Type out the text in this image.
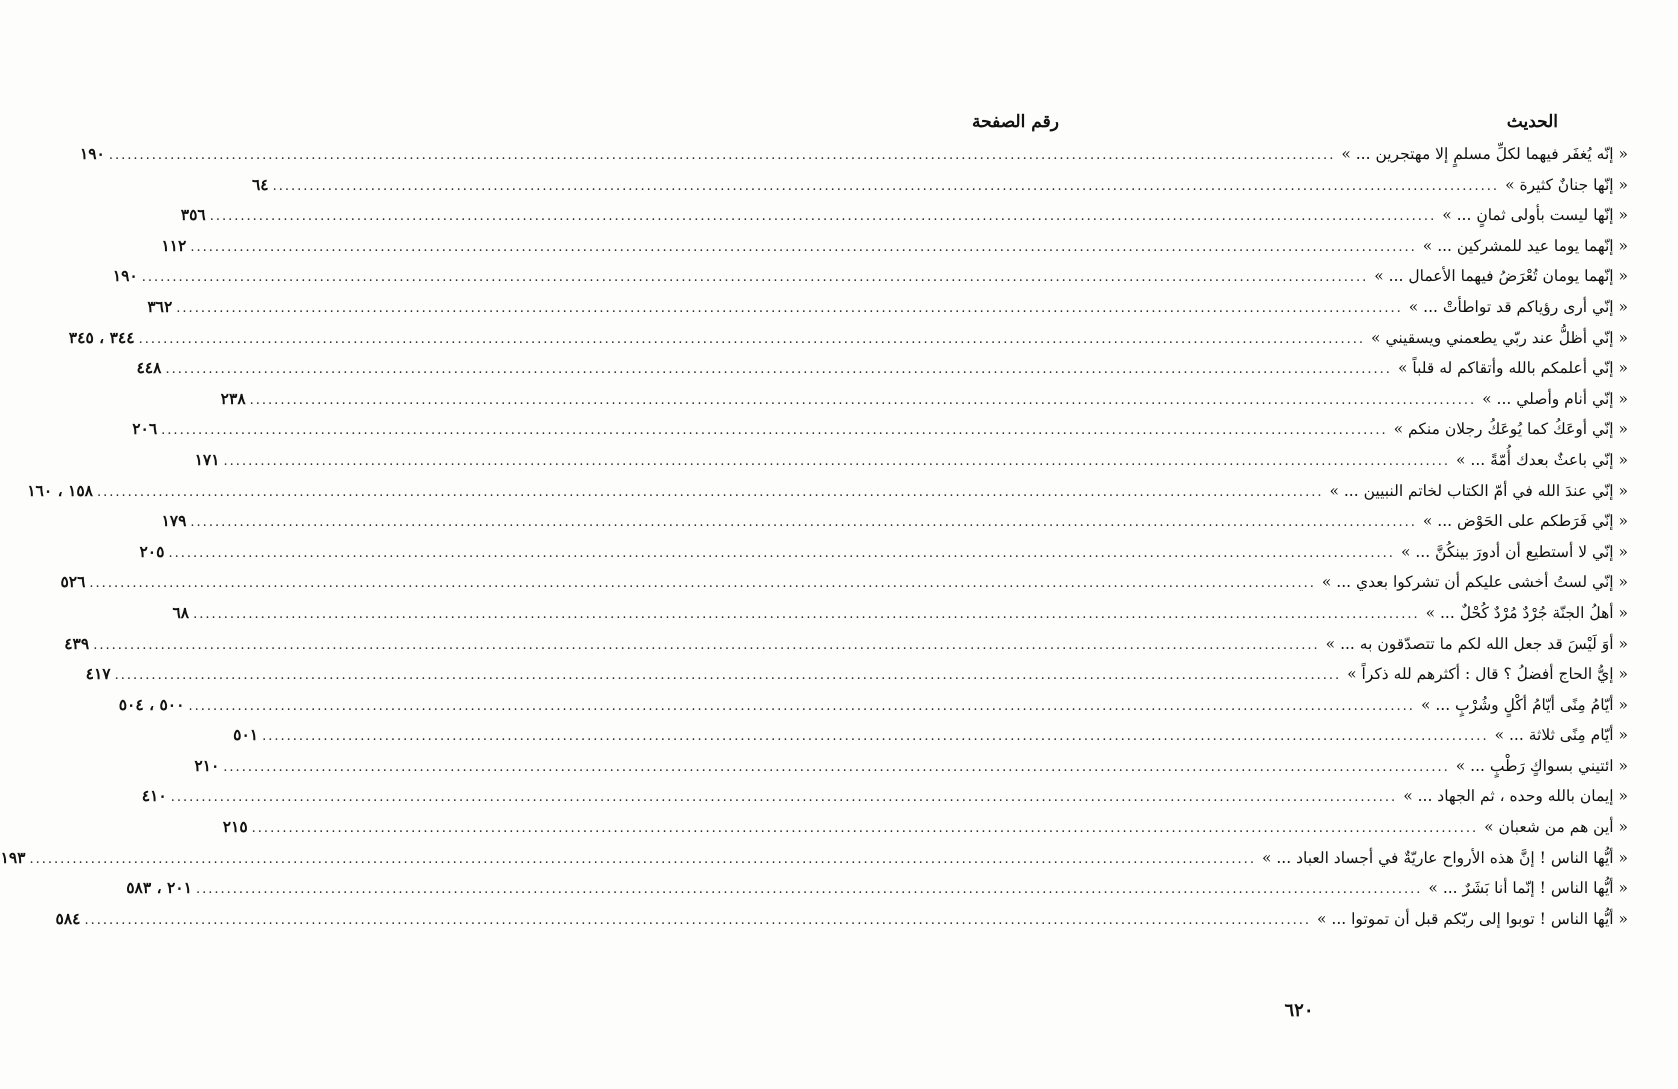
الحديث
رقم الصفحة
« إنّه يُغفَر فيهما لكلِّ مسلمٍ إلا مهتجرين ... »
........................................................................................................................................................................................................
١٩٠
« إنّها جنانٌ كثيرة »
........................................................................................................................................................................................................
٦٤
« إنّها ليست بأولى ثمانٍ ... »
........................................................................................................................................................................................................
٣٥٦
« إنّهما يوما عيد للمشركين ... »
........................................................................................................................................................................................................
١١٢
« إنّهما يومان تُعْرَضُ فيهما الأعمال ... »
........................................................................................................................................................................................................
١٩٠
« إنّي أرى رؤياكم قد تواطأتْ ... »
........................................................................................................................................................................................................
٣٦٢
« إنّي أظلُّ عند ربّي يطعمني ويسقيني »
........................................................................................................................................................................................................
٣٤٤ ، ٣٤٥
« إنّي أعلمكم بالله وأتقاكم له قلباً »
........................................................................................................................................................................................................
٤٤٨
« إنّي أنام وأصلي ... »
........................................................................................................................................................................................................
٢٣٨
« إنّي أوعَكُ كما يُوعَكُ رجلان منكم »
........................................................................................................................................................................................................
٢٠٦
« إنّي باعثٌ بعدك أُمّةً ... »
........................................................................................................................................................................................................
١٧١
« إنّي عندَ الله في أمّ الكتاب لخاتم النبيين ... »
........................................................................................................................................................................................................
١٥٨ ، ١٦٠
« إنّي فَرَطكم على الحَوْض ... »
........................................................................................................................................................................................................
١٧٩
« إنّي لا أستطيع أن أدورَ بينكُنَّ ... »
........................................................................................................................................................................................................
٢٠٥
« إنّي لستُ أخشى عليكم أن تشركوا بعدي ... »
........................................................................................................................................................................................................
٥٢٦
« أهلُ الجنّة جُرْدٌ مُرْدٌ كُحْلٌ ... »
........................................................................................................................................................................................................
٦٨
« أوَ لَيْسَ قد جعل الله لكم ما تتصدّقون به ... »
........................................................................................................................................................................................................
٤٣٩
« إيُّ الحاج أفضلُ ؟ قال : أكثرهم لله ذكراً »
........................................................................................................................................................................................................
٤١٧
« أيّامُ مِنًى أيّامُ أكْلٍ وشُرْبٍ ... »
........................................................................................................................................................................................................
٥٠٠ ، ٥٠٤
« أيّام مِنًى ثلاثة ... »
........................................................................................................................................................................................................
٥٠١
« ائتيني بسواكٍ رَطْبٍ ... »
........................................................................................................................................................................................................
٢١٠
« إيمان بالله وحده ، ثم الجهاد ... »
........................................................................................................................................................................................................
٤١٠
« أين هم من شعبان »
........................................................................................................................................................................................................
٢١٥
« أيُّها الناس ! إنَّ هذه الأرواح عاريّةٌ في أجساد العباد ... »
........................................................................................................................................................................................................
١٩٣
« أيُّها الناس ! إنّما أنا بَشَرٌ ... »
........................................................................................................................................................................................................
٢٠١ ، ٥٨٣
« أيُّها الناس ! توبوا إلى ربّكم قبل أن تموتوا ... »
........................................................................................................................................................................................................
٥٨٤
٦٢٠
